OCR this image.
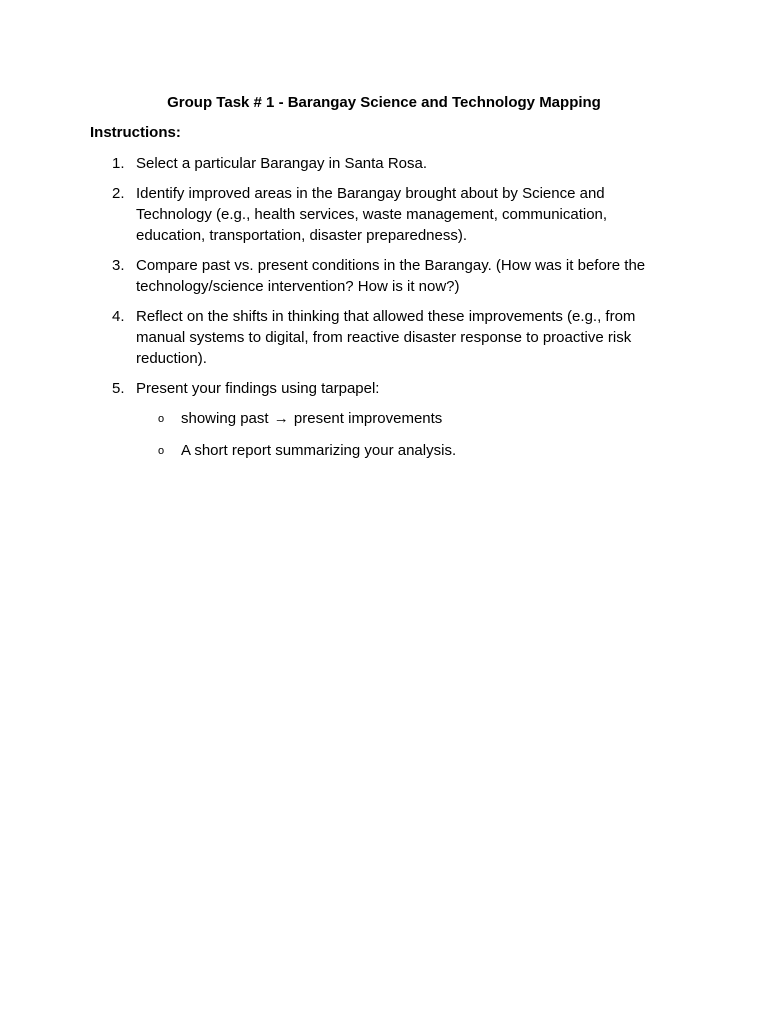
Group Task # 1 - Barangay Science and Technology Mapping

Instructions:

1. Select a particular Barangay in Santa Rosa.
2. Identify improved areas in the Barangay brought about by Science and Technology (e.g., health services, waste management, communication, education, transportation, disaster preparedness).
3. Compare past vs. present conditions in the Barangay. (How was it before the technology/science intervention? How is it now?)
4. Reflect on the shifts in thinking that allowed these improvements (e.g., from manual systems to digital, from reactive disaster response to proactive risk reduction).
5. Present your findings using tarpapel:
o showing past → present improvements
o A short report summarizing your analysis.
